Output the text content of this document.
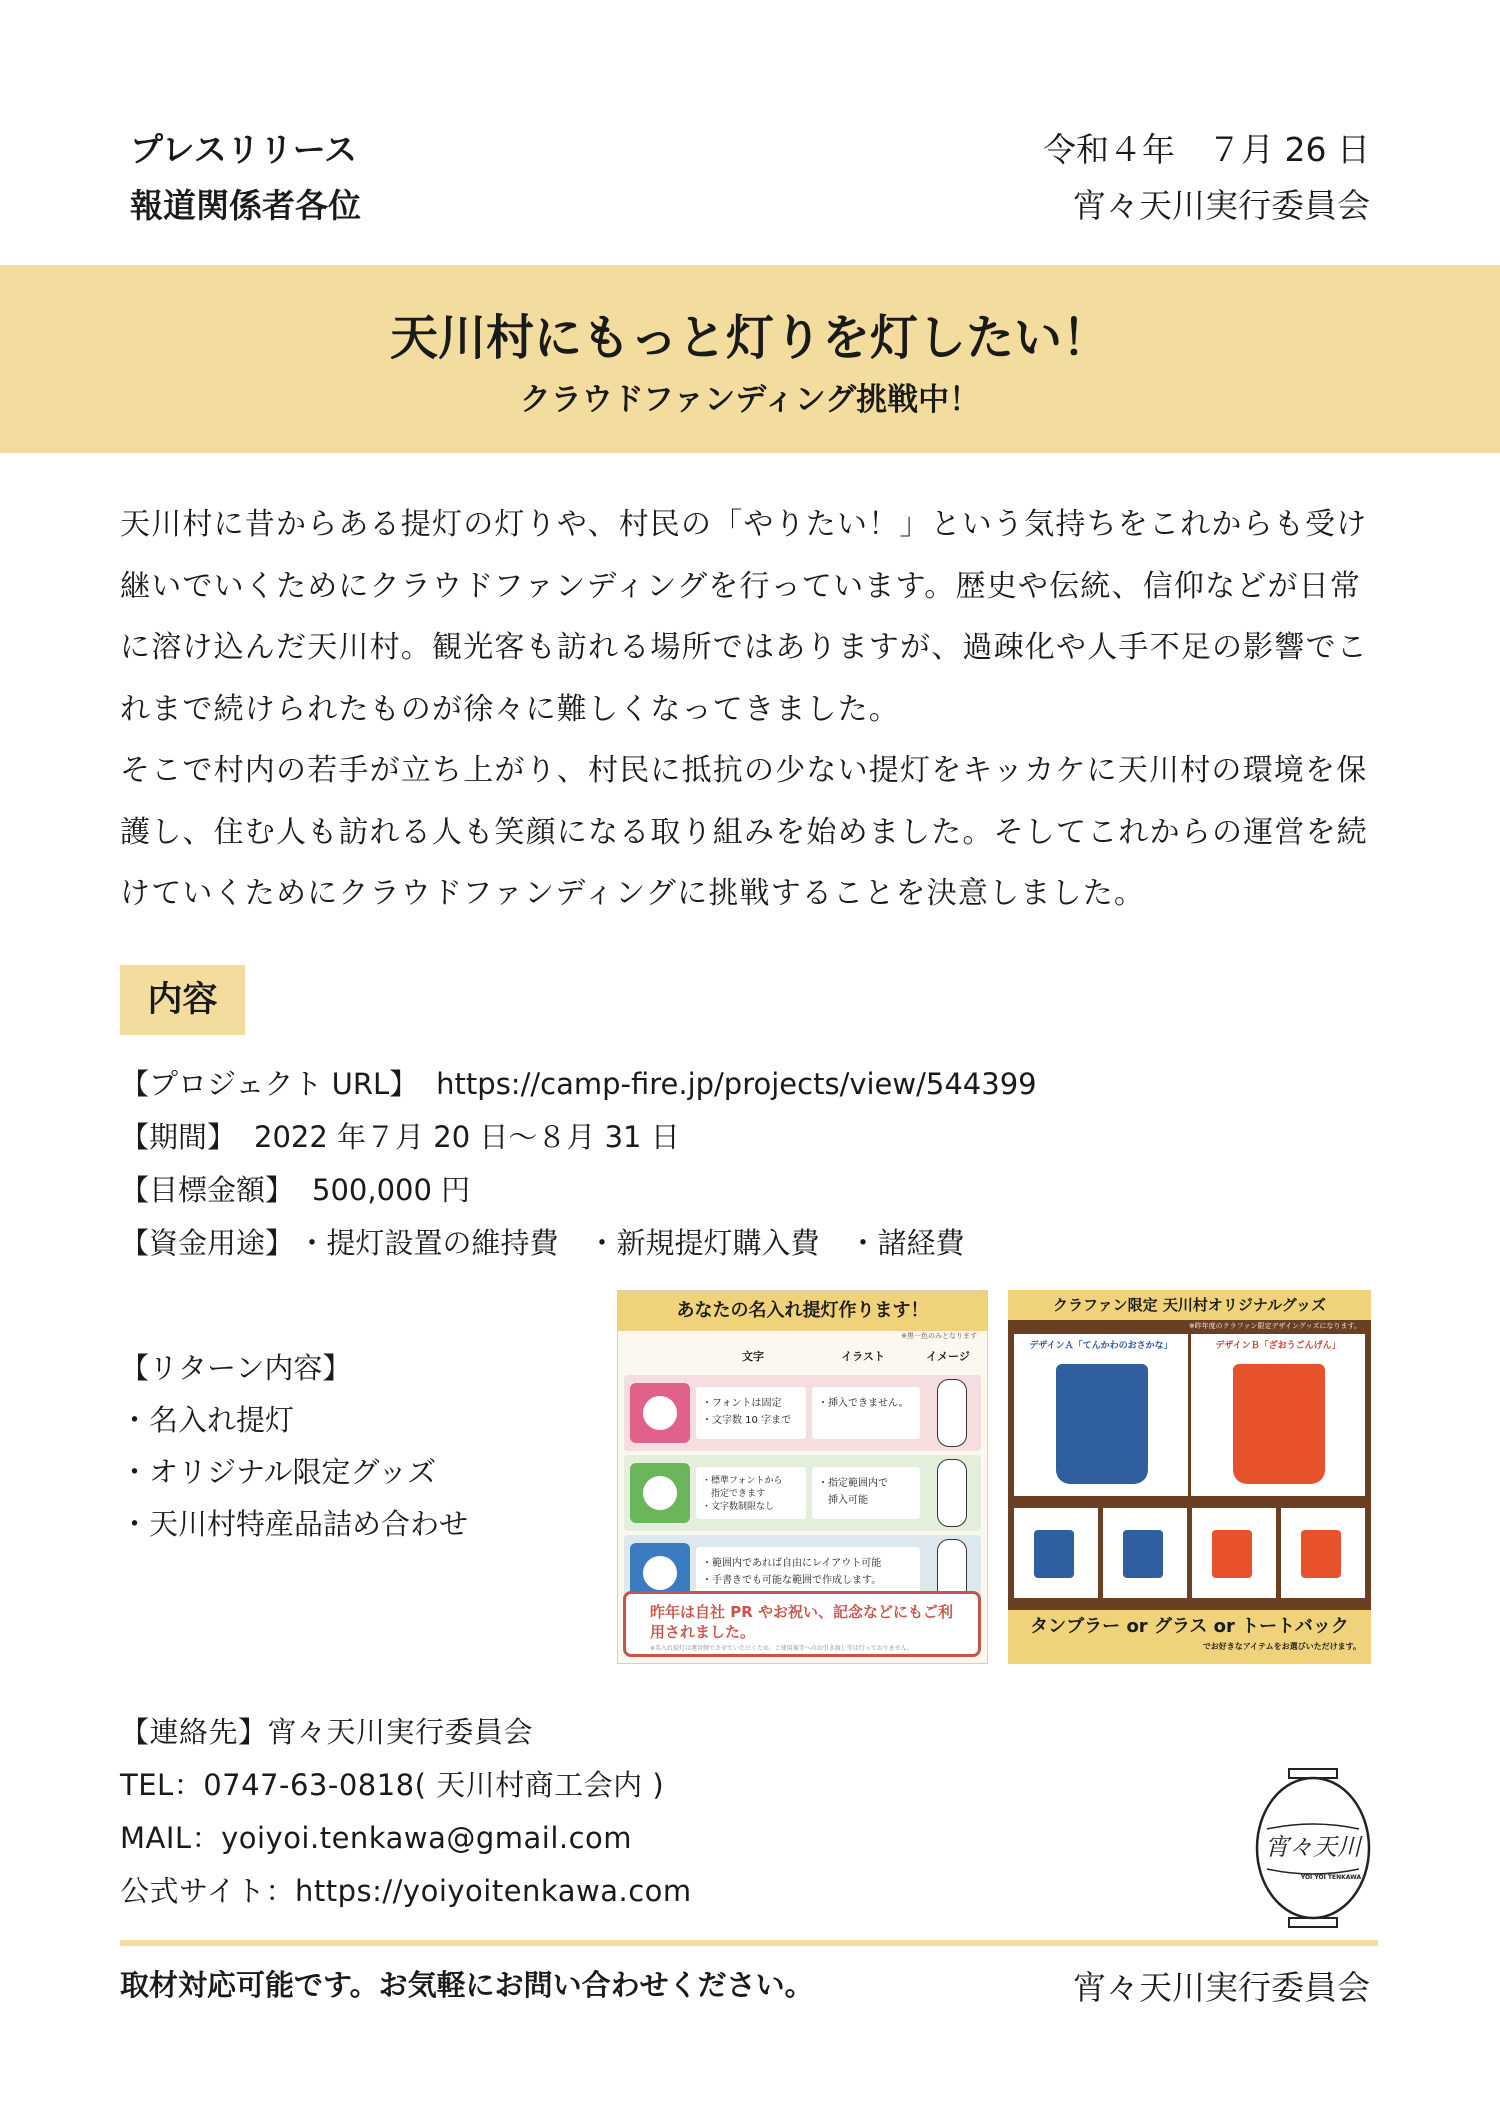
プレスリリース
報道関係者各位
令和４年　７月 26 日
宵々天川実行委員会
天川村にもっと灯りを灯したい！
クラウドファンディング挑戦中！

天川村に昔からある提灯の灯りや、村民の「やりたい！」という気持ちをこれからも受け継いでいくためにクラウドファンディングを行っています。歴史や伝統、信仰などが日常に溶け込んだ天川村。観光客も訪れる場所ではありますが、過疎化や人手不足の影響でこれまで続けられたものが徐々に難しくなってきました。

そこで村内の若手が立ち上がり、村民に抵抗の少ない提灯をキッカケに天川村の環境を保護し、住む人も訪れる人も笑顔になる取り組みを始めました。そしてこれからの運営を続けていくためにクラウドファンディングに挑戦することを決意しました。

内容
【プロジェクト URL】 https://camp-fire.jp/projects/view/544399
【期間】 2022 年７月 20 日～８月 31 日
【目標金額】 500,000 円
【資金用途】 ・提灯設置の維持費　・新規提灯購入費　・諸経費
【リターン内容】
・名入れ提灯
・オリジナル限定グッズ
・天川村特産品詰め合わせ
あなたの名入れ提灯作ります！
※黒一色のみとなります
文字	イラスト	イメージ
・フォントは固定
・文字数 10 字まで
・挿入できません。
・標準フォントから
　指定できます
・文字数制限なし
・指定範囲内で
　挿入可能
・範囲内であれば自由にレイアウト可能
・手書きでも可能な範囲で作成します。
昨年は自社 PR やお祝い、記念などにもご利用されました。
※名入れ提灯は運営側でさせていただくため、ご使用後等へのお引き渡し等は行っておりません。
クラファン限定 天川村オリジナルグッズ
※昨年度のクラファン限定デザイングッズになります。
デザインＡ「てんかわのおさかな」	デザインＢ「ざおうごんげん」
タンブラー or グラス or トートバック
でお好きなアイテムをお選びいただけます。
【連絡先】宵々天川実行委員会
TEL：0747-63-0818( 天川村商工会内 )
MAIL：yoiyoi.tenkawa@gmail.com
公式サイト：https://yoiyoitenkawa.com
宵々天川
YOI YOI TENKAWA
取材対応可能です。お気軽にお問い合わせください。	宵々天川実行委員会
